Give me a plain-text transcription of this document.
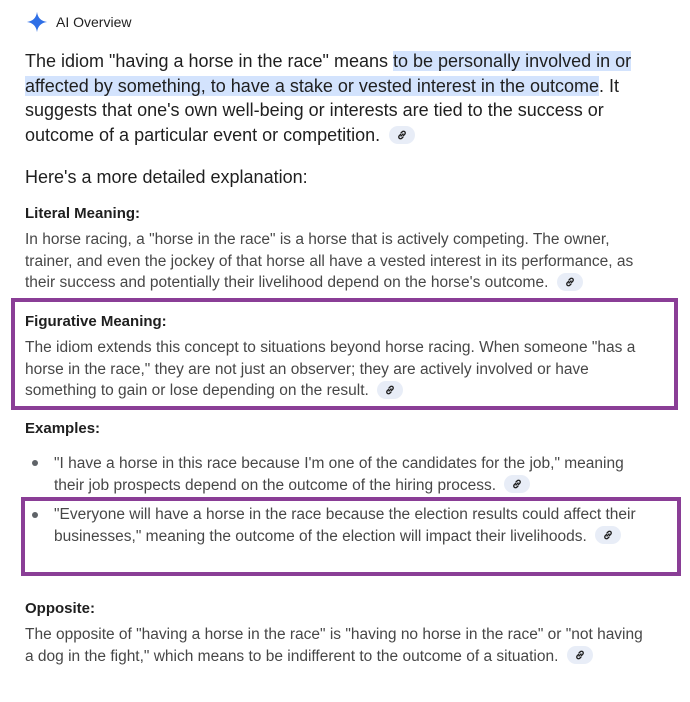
AI Overview
The idiom "having a horse in the race" means to be personally involved in or affected by something, to have a stake or vested interest in the outcome. It suggests that one's own well-being or interests are tied to the success or outcome of a particular event or competition.
Here's a more detailed explanation:
Literal Meaning:
In horse racing, a "horse in the race" is a horse that is actively competing. The owner, trainer, and even the jockey of that horse all have a vested interest in its performance, as their success and potentially their livelihood depend on the horse's outcome.
Figurative Meaning:
The idiom extends this concept to situations beyond horse racing. When someone "has a horse in the race," they are not just an observer; they are actively involved or have something to gain or lose depending on the result.
Examples:
"I have a horse in this race because I'm one of the candidates for the job," meaning their job prospects depend on the outcome of the hiring process.
"Everyone will have a horse in the race because the election results could affect their businesses," meaning the outcome of the election will impact their livelihoods.
Opposite:
The opposite of "having a horse in the race" is "having no horse in the race" or "not having a dog in the fight," which means to be indifferent to the outcome of a situation.
